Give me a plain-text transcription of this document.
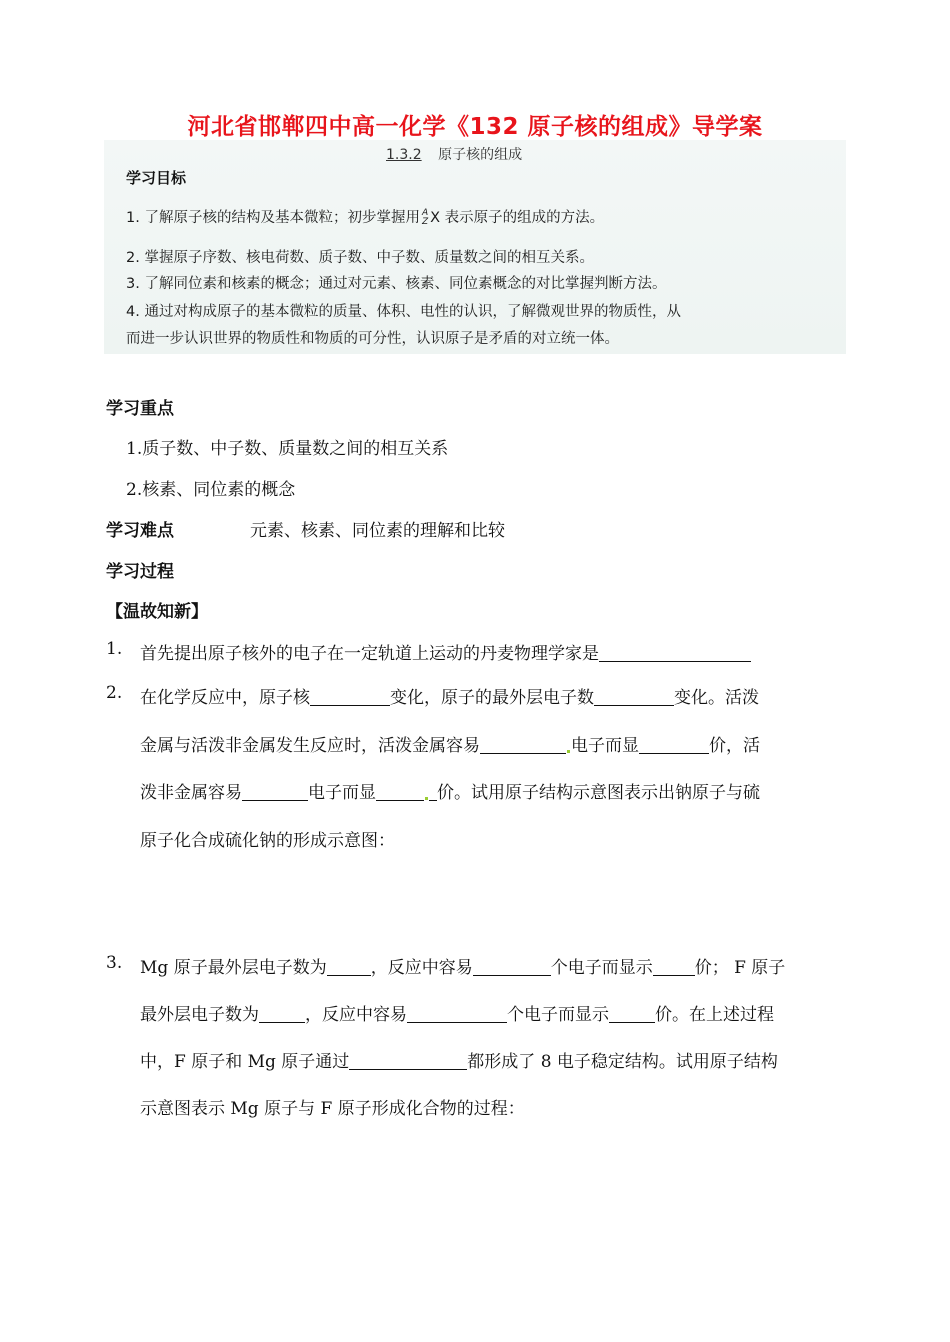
河北省邯郸四中高一化学《132 原子核的组成》导学案
1.3.2 原子核的组成
学习目标
1. 了解原子核的结构及基本微粒；初步掌握用 A
Z X 表示原子的组成的方法。
2. 掌握原子序数、核电荷数、质子数、中子数、质量数之间的相互关系。
3. 了解同位素和核素的概念；通过对元素、核素、同位素概念的对比掌握判断方法。
4. 通过对构成原子的基本微粒的质量、体积、电性的认识，了解微观世界的物质性，从
而进一步认识世界的物质性和物质的可分性，认识原子是矛盾的对立统一体。
学习重点
1.质子数、中子数、质量数之间的相互关系
2.核素、同位素的概念
学习难点	元素、核素、同位素的理解和比较
学习过程
【温故知新】
1. 首先提出原子核外的电子在一定轨道上运动的丹麦物理学家是
2. 在化学反应中，原子核	变化，原子的最外层电子数	变化。活泼
金属与活泼非金属发生反应时，活泼金属容易	电子而显	价，活
泼非金属容易	电子而显	价。试用原子结构示意图表示出钠原子与硫
原子化合成硫化钠的形成示意图：
3. Mg 原子最外层电子数为	，反应中容易	个电子而显示 价； F 原子
最外层电子数为	，反应中容易	个电子而显示	价。在上述过程
中，F 原子和 Mg 原子通过	都形成了 8 电子稳定结构。试用原子结构
示意图表示 Mg 原子与 F 原子形成化合物的过程：
